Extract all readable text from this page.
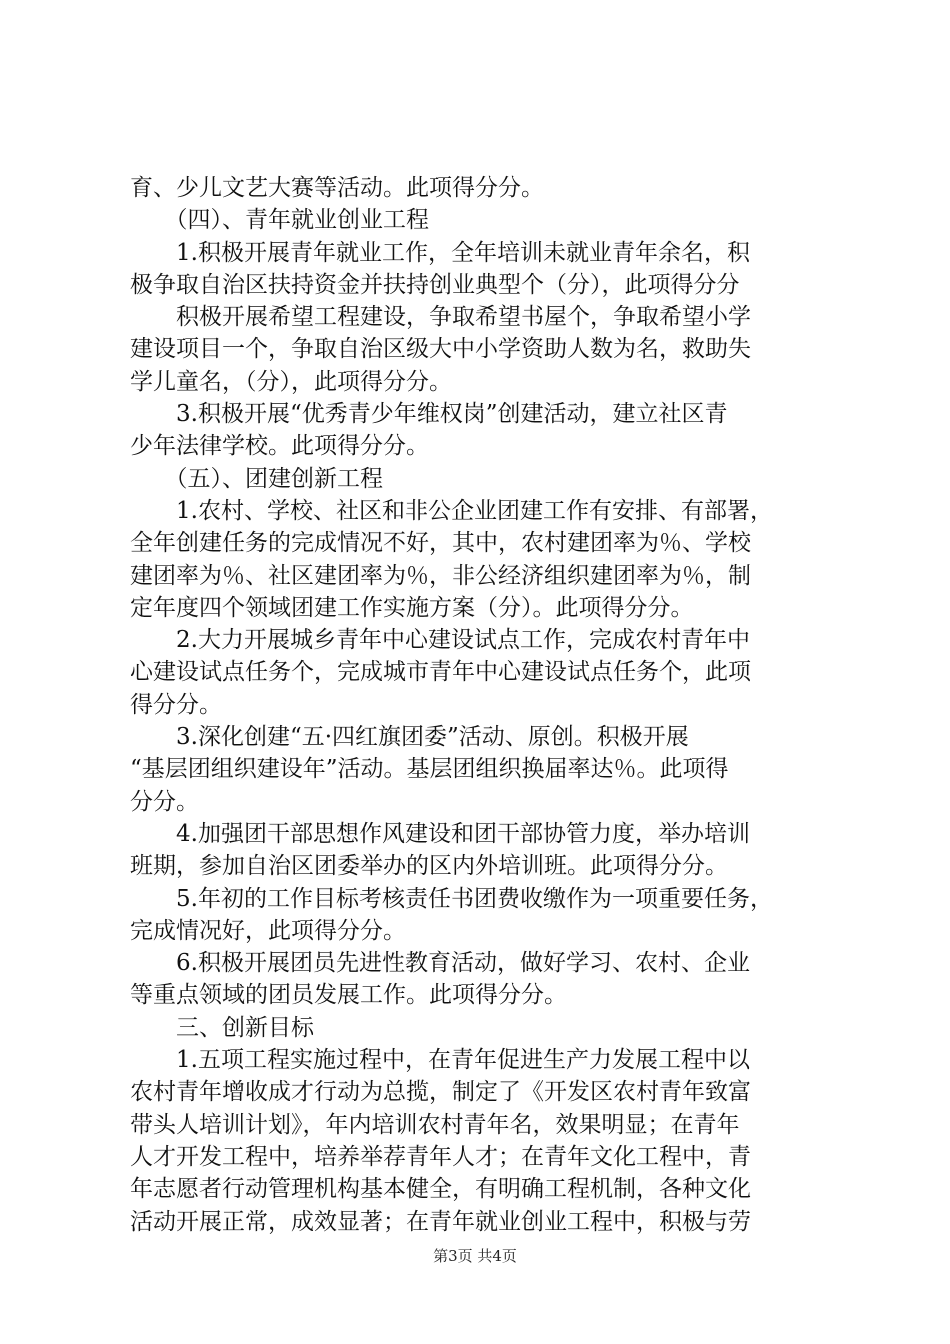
育、少儿文艺大赛等活动。此项得分分。
　　（四）、青年就业创业工程
　　1.积极开展青年就业工作，全年培训未就业青年余名，积
极争取自治区扶持资金并扶持创业典型个（分），此项得分分
　　积极开展希望工程建设，争取希望书屋个，争取希望小学
建设项目一个，争取自治区级大中小学资助人数为名，救助失
学儿童名，（分），此项得分分。
　　3.积极开展“优秀青少年维权岗”创建活动，建立社区青
少年法律学校。此项得分分。
　　（五）、团建创新工程
　　1.农村、学校、社区和非公企业团建工作有安排、有部署，
全年创建任务的完成情况不好，其中，农村建团率为％、学校
建团率为％、社区建团率为％，非公经济组织建团率为％，制
定年度四个领域团建工作实施方案（分）。此项得分分。
　　2.大力开展城乡青年中心建设试点工作，完成农村青年中
心建设试点任务个，完成城市青年中心建设试点任务个，此项
得分分。
　　3.深化创建“五·四红旗团委”活动、原创。积极开展
“基层团组织建设年”活动。基层团组织换届率达％。此项得
分分。
　　4.加强团干部思想作风建设和团干部协管力度，举办培训
班期，参加自治区团委举办的区内外培训班。此项得分分。
　　5.年初的工作目标考核责任书团费收缴作为一项重要任务，
完成情况好，此项得分分。
　　6.积极开展团员先进性教育活动，做好学习、农村、企业
等重点领域的团员发展工作。此项得分分。
　　三、创新目标
　　1.五项工程实施过程中，在青年促进生产力发展工程中以
农村青年增收成才行动为总揽，制定了《开发区农村青年致富
带头人培训计划》，年内培训农村青年名，效果明显；在青年
人才开发工程中，培养举荐青年人才；在青年文化工程中，青
年志愿者行动管理机构基本健全，有明确工程机制，各种文化
活动开展正常，成效显著；在青年就业创业工程中，积极与劳
第3页 共4页
